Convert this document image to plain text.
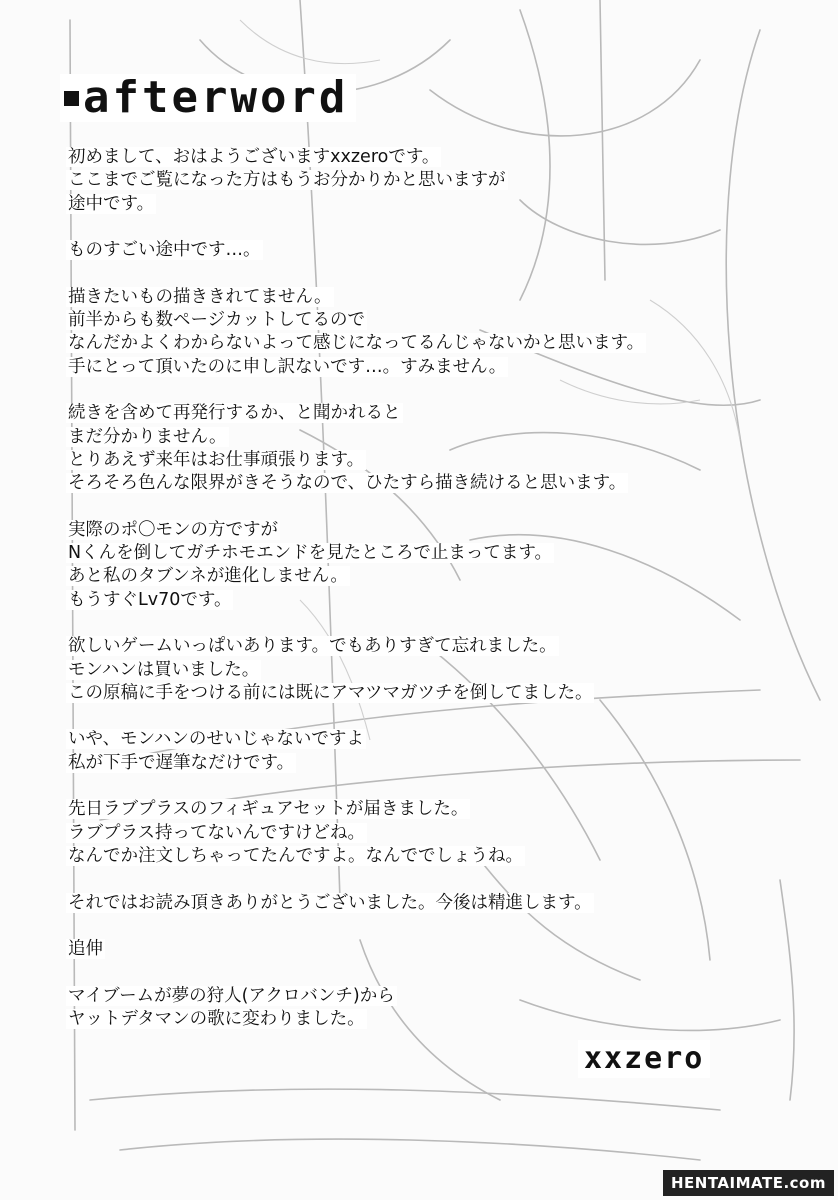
afterword
初めまして、おはようございますxxzeroです。
ここまでご覧になった方はもうお分かりかと思いますが
途中です。
ものすごい途中です…。
描きたいもの描ききれてません。
前半からも数ページカットしてるので
なんだかよくわからないよって感じになってるんじゃないかと思います。
手にとって頂いたのに申し訳ないです…。すみません。
続きを含めて再発行するか、と聞かれると
まだ分かりません。
とりあえず来年はお仕事頑張ります。
そろそろ色んな限界がきそうなので、ひたすら描き続けると思います。
実際のポ〇モンの方ですが
Nくんを倒してガチホモエンドを見たところで止まってます。
あと私のタブンネが進化しません。
もうすぐLv70です。
欲しいゲームいっぱいあります。でもありすぎて忘れました。
モンハンは買いました。
この原稿に手をつける前には既にアマツマガツチを倒してました。
いや、モンハンのせいじゃないですよ
私が下手で遅筆なだけです。
先日ラブプラスのフィギュアセットが届きました。
ラブプラス持ってないんですけどね。
なんでか注文しちゃってたんですよ。なんででしょうね。
それではお読み頂きありがとうございました。今後は精進します。
追伸
マイブームが夢の狩人(アクロバンチ)から
ヤットデタマンの歌に変わりました。
xxzero
HENTAIMATE.com
